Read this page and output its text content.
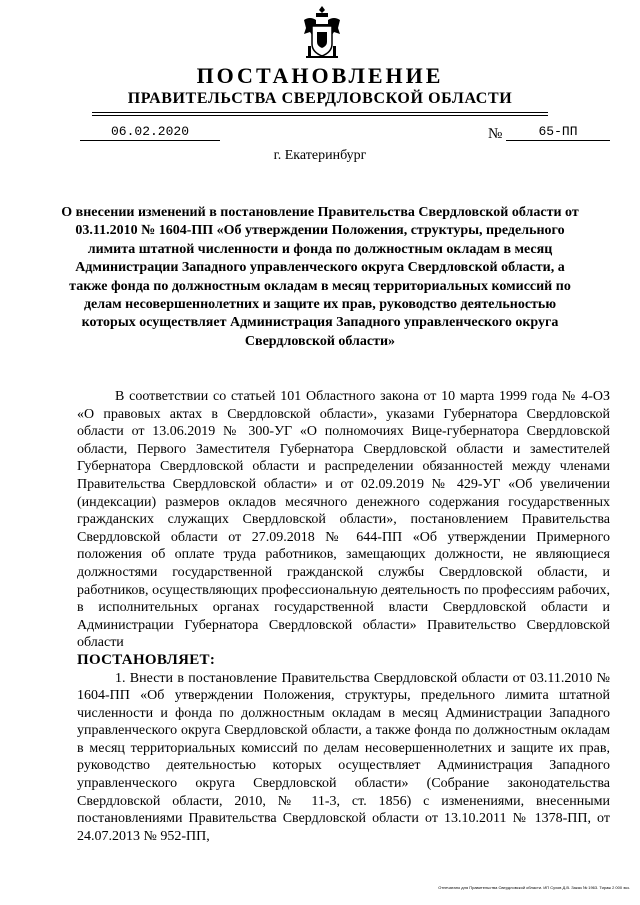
ПОСТАНОВЛЕНИЕ
ПРАВИТЕЛЬСТВА СВЕРДЛОВСКОЙ ОБЛАСТИ
06.02.2020	№	65-ПП
г. Екатеринбург
О внесении изменений в постановление Правительства Свердловской области от 03.11.2010 № 1604-ПП «Об утверждении Положения, структуры, предельного лимита штатной численности и фонда по должностным окладам в месяц Администрации Западного управленческого округа Свердловской области, а также фонда по должностным окладам в месяц территориальных комиссий по делам несовершеннолетних и защите их прав, руководство деятельностью которых осуществляет Администрация Западного управленческого округа Свердловской области»

В соответствии со статьей 101 Областного закона от 10 марта 1999 года № 4-ОЗ «О правовых актах в Свердловской области», указами Губернатора Свердловской области от 13.06.2019 № 300-УГ «О полномочиях Вице-губернатора Свердловской области, Первого Заместителя Губернатора Свердловской области и заместителей Губернатора Свердловской области и распределении обязанностей между членами Правительства Свердловской области» и от 02.09.2019 № 429-УГ «Об увеличении (индексации) размеров окладов месячного денежного содержания государственных гражданских служащих Свердловской области», постановлением Правительства Свердловской области от 27.09.2018 № 644-ПП «Об утверждении Примерного положения об оплате труда работников, замещающих должности, не являющиеся должностями государственной гражданской службы Свердловской области, и работников, осуществляющих профессиональную деятельность по профессиям рабочих, в исполнительных органах государственной власти Свердловской области и Администрации Губернатора Свердловской области» Правительство Свердловской области

ПОСТАНОВЛЯЕТ:

1. Внести в постановление Правительства Свердловской области от 03.11.2010 № 1604-ПП «Об утверждении Положения, структуры, предельного лимита штатной численности и фонда по должностным окладам в месяц Администрации Западного управленческого округа Свердловской области, а также фонда по должностным окладам в месяц территориальных комиссий по делам несовершеннолетних и защите их прав, руководство деятельностью которых осуществляет Администрация Западного управленческого округа Свердловской области» (Собрание законодательства Свердловской области, 2010, № 11-3, ст. 1856) с изменениями, внесенными постановлениями Правительства Свердловской области от 13.10.2011 № 1378-ПП, от 24.07.2013 № 952-ПП,

Отпечатано для Правительства Свердловской области. ИП Сухов Д.В. Заказ № 1963. Тираж 2 000 экз.
